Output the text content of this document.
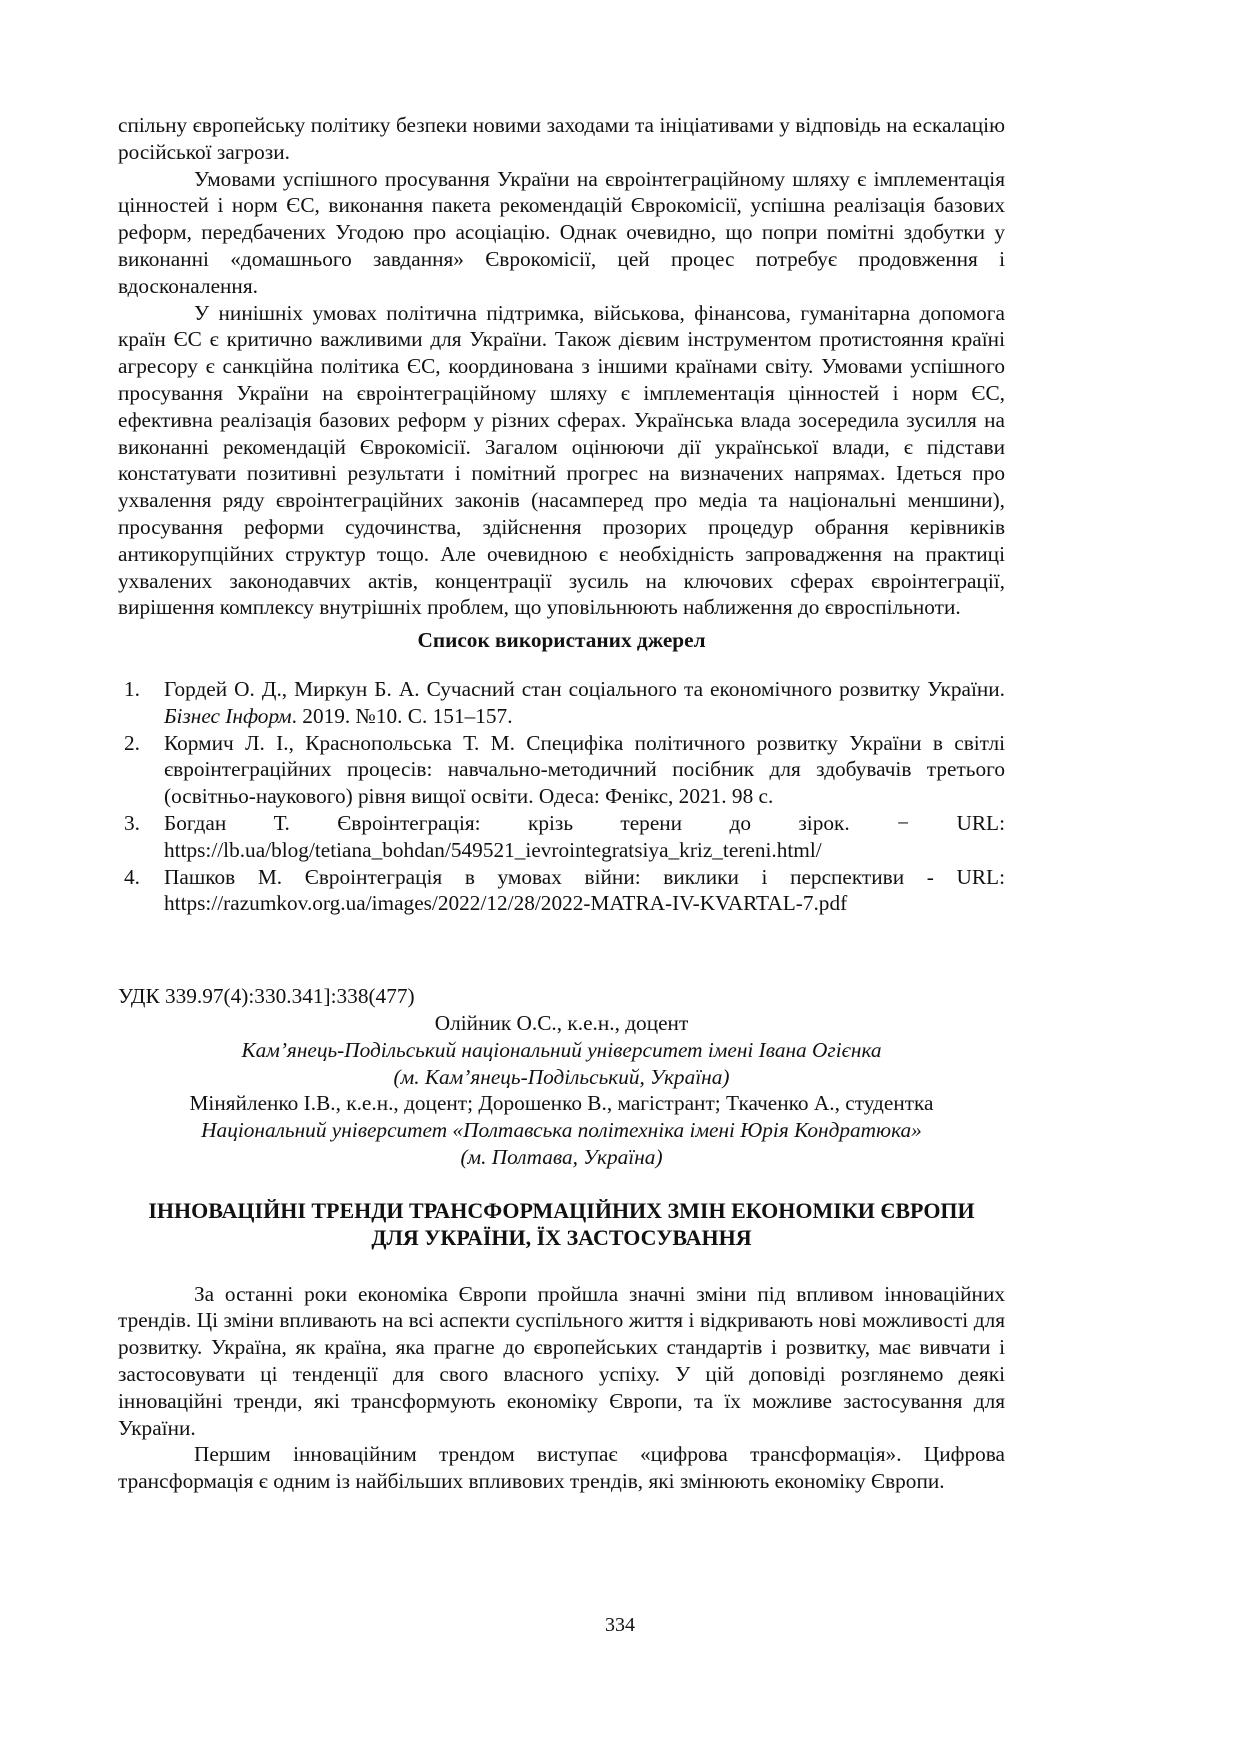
спільну європейську політику безпеки новими заходами та ініціативами у відповідь на ескалацію російської загрози.

Умовами успішного просування України на євроінтеграційному шляху є імплементація цінностей і норм ЄС, виконання пакета рекомендацій Єврокомісії, успішна реалізація базових реформ, передбачених Угодою про асоціацію. Однак очевидно, що попри помітні здобутки у виконанні «домашнього завдання» Єврокомісії, цей процес потребує продовження і вдосконалення.

У нинішніх умовах політична підтримка, військова, фінансова, гуманітарна допомога країн ЄС є критично важливими для України. Також дієвим інструментом протистояння країні агресору є санкційна політика ЄС, координована з іншими країнами світу. Умовами успішного просування України на євроінтеграційному шляху є імплементація цінностей і норм ЄС, ефективна реалізація базових реформ у різних сферах. Українська влада зосередила зусилля на виконанні рекомендацій Єврокомісії. Загалом оцінюючи дії української влади, є підстави констатувати позитивні результати і помітний прогрес на визначених напрямах. Ідеться про ухвалення ряду євроінтеграційних законів (насамперед про медіа та національні меншини), просування реформи судочинства, здійснення прозорих процедур обрання керівників антикорупційних структур тощо. Але очевидною є необхідність запровадження на практиці ухвалених законодавчих актів, концентрації зусиль на ключових сферах євроінтеграції, вирішення комплексу внутрішніх проблем, що уповільнюють наближення до євроспільноти.

Список використаних джерел
1. Гордей О. Д., Миркун Б. А. Сучасний стан соціального та економічного розвитку України. Бізнес Інформ. 2019. №10. С. 151–157.
2. Кормич Л. І., Краснопольська Т. М. Специфіка політичного розвитку України в світлі євроінтеграційних процесів: навчально-методичний посібник для здобувачів третього (освітньо-наукового) рівня вищої освіти. Одеса: Фенікс, 2021. 98 с.
3. Богдан Т. Євроінтеграція: крізь терени до зірок. − URL: https://lb.ua/blog/tetiana_bohdan/549521_ievrointegratsiya_kriz_tereni.html/
4. Пашков М. Євроінтеграція в умовах війни: виклики і перспективи - URL: https://razumkov.org.ua/images/2022/12/28/2022-MATRA-IV-KVARTAL-7.pdf
УДК 339.97(4):330.341]:338(477)
Олійник О.С., к.е.н., доцент
Кам’янець-Подільський національний університет імені Івана Огієнка
(м. Кам’янець-Подільський, Україна)
Міняйленко І.В., к.е.н., доцент; Дорошенко В., магістрант; Ткаченко А., студентка
Національний університет «Полтавська політехніка імені Юрія Кондратюка»
(м. Полтава, Україна)
ІННОВАЦІЙНІ ТРЕНДИ ТРАНСФОРМАЦІЙНИХ ЗМІН ЕКОНОМІКИ ЄВРОПИ
ДЛЯ УКРАЇНИ, ЇХ ЗАСТОСУВАННЯ

За останні роки економіка Європи пройшла значні зміни під впливом інноваційних трендів. Ці зміни впливають на всі аспекти суспільного життя і відкривають нові можливості для розвитку. Україна, як країна, яка прагне до європейських стандартів і розвитку, має вивчати і застосовувати ці тенденції для свого власного успіху. У цій доповіді розглянемо деякі інноваційні тренди, які трансформують економіку Європи, та їх можливе застосування для України.

Першим інноваційним трендом виступає «цифрова трансформація». Цифрова трансформація є одним із найбільших впливових трендів, які змінюють економіку Європи.

334
